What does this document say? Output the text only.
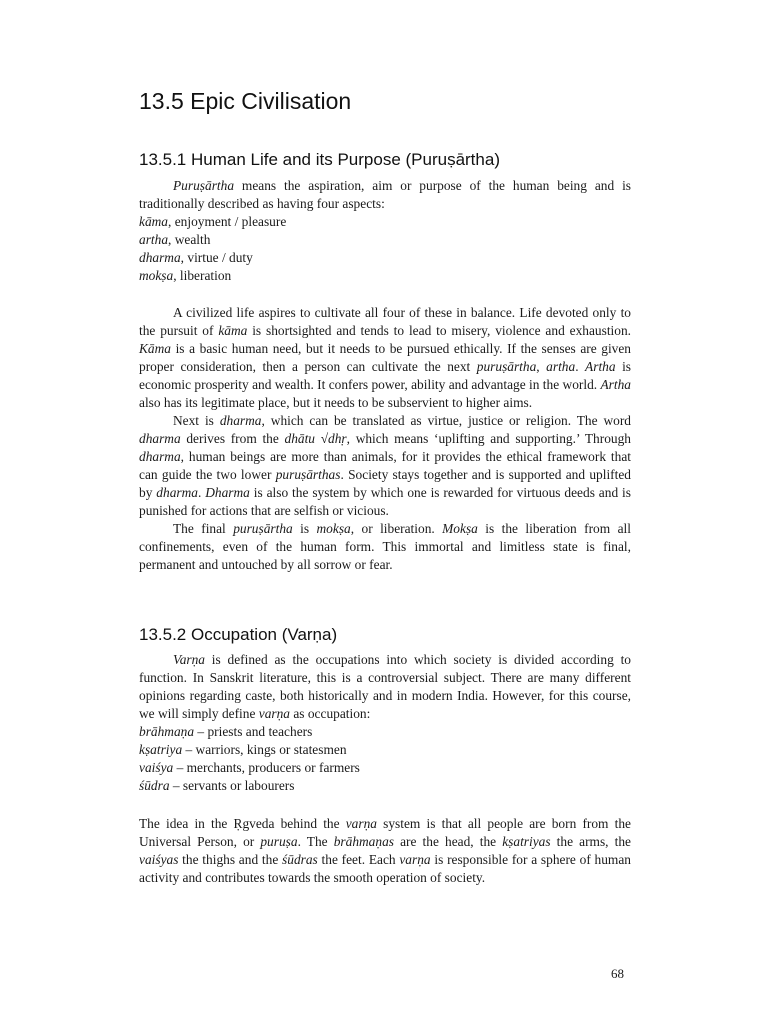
13.5 Epic Civilisation
13.5.1 Human Life and its Purpose (Puruṣārtha)

Puruṣārtha means the aspiration, aim or purpose of the human being and is traditionally described as having four aspects:

kāma, enjoyment / pleasure
artha, wealth
dharma, virtue / duty
mokṣa, liberation

A civilized life aspires to cultivate all four of these in balance. Life devoted only to the pursuit of kāma is shortsighted and tends to lead to misery, violence and exhaustion. Kāma is a basic human need, but it needs to be pursued ethically. If the senses are given proper consideration, then a person can cultivate the next puruṣārtha, artha. Artha is economic prosperity and wealth. It confers power, ability and advantage in the world. Artha also has its legitimate place, but it needs to be subservient to higher aims.

Next is dharma, which can be translated as virtue, justice or religion. The word dharma derives from the dhātu √dhṛ, which means ‘uplifting and supporting.’ Through dharma, human beings are more than animals, for it provides the ethical framework that can guide the two lower puruṣārthas. Society stays together and is supported and uplifted by dharma. Dharma is also the system by which one is rewarded for virtuous deeds and is punished for actions that are selfish or vicious.

The final puruṣārtha is mokṣa, or liberation. Mokṣa is the liberation from all confinements, even of the human form. This immortal and limitless state is final, permanent and untouched by all sorrow or fear.

13.5.2 Occupation (Varṇa)

Varṇa is defined as the occupations into which society is divided according to function. In Sanskrit literature, this is a controversial subject. There are many different opinions regarding caste, both historically and in modern India. However, for this course, we will simply define varṇa as occupation:

brāhmaṇa – priests and teachers
kṣatriya – warriors, kings or statesmen
vaiśya – merchants, producers or farmers
śūdra – servants or labourers

The idea in the Ṛgveda behind the varṇa system is that all people are born from the Universal Person, or puruṣa. The brāhmaṇas are the head, the kṣatriyas the arms, the vaiśyas the thighs and the śūdras the feet. Each varṇa is responsible for a sphere of human activity and contributes towards the smooth operation of society.

68
